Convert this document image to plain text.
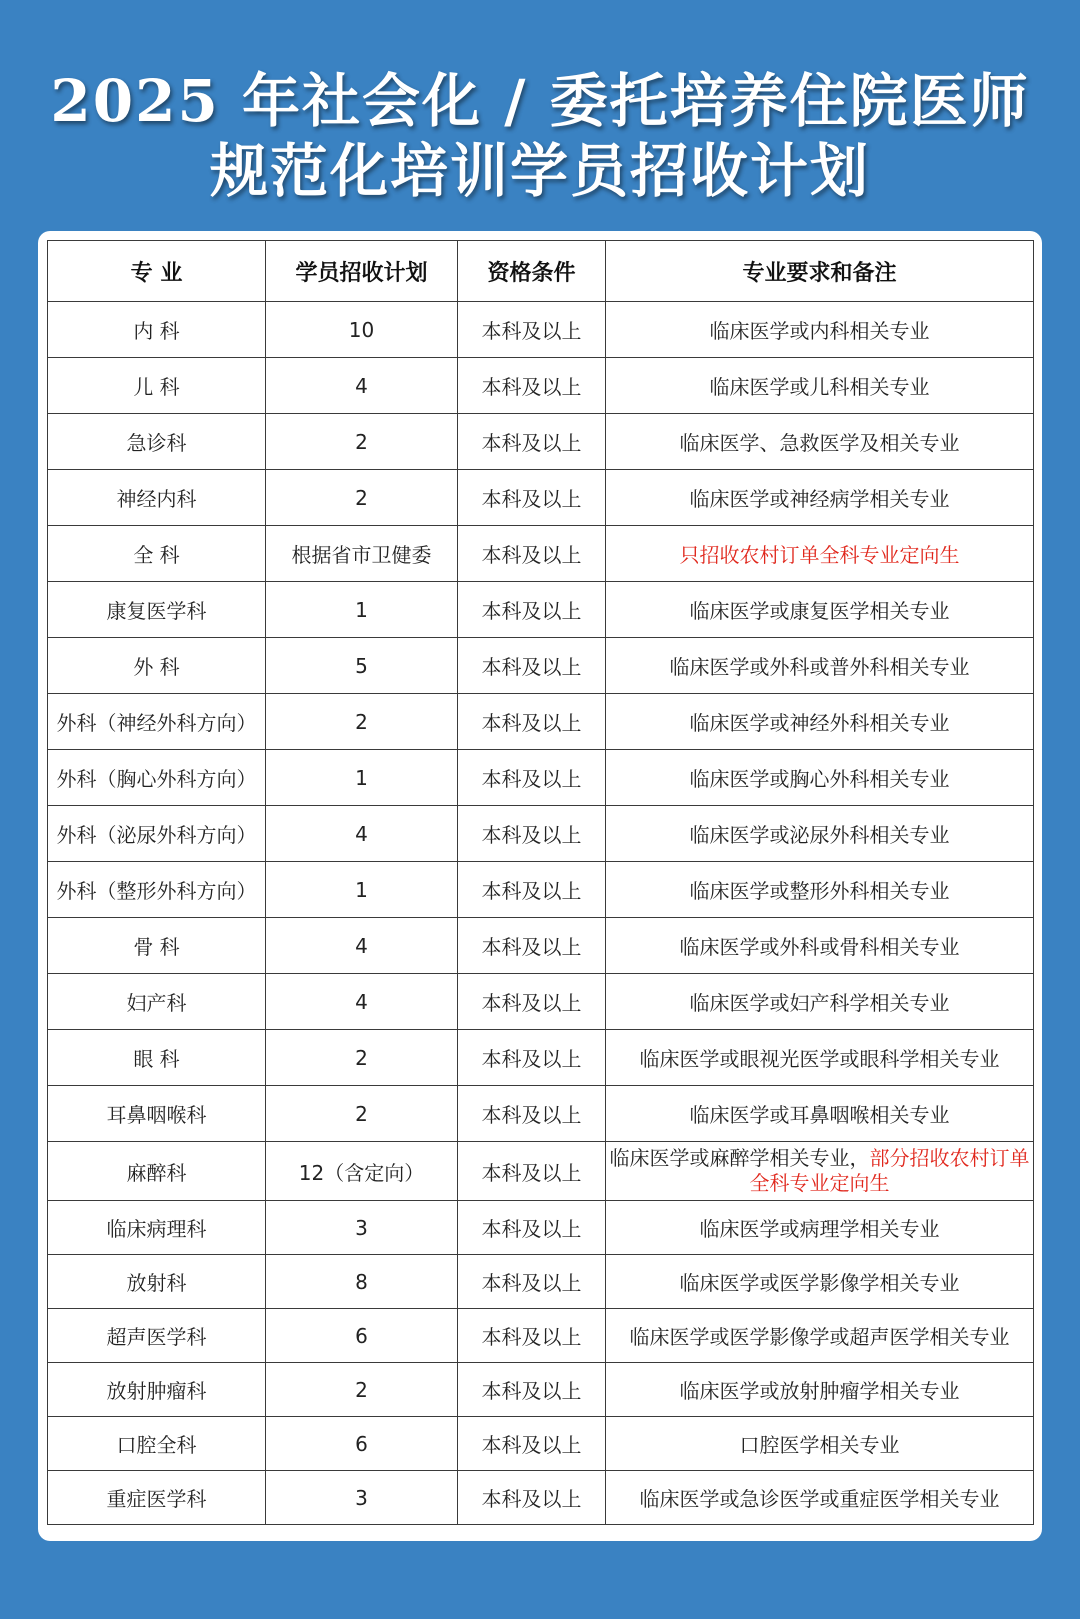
2025 年社会化 / 委托培养住院医师
规范化培训学员招收计划
专 业	学员招收计划	资格条件	专业要求和备注
内 科	10	本科及以上	临床医学或内科相关专业
儿 科	4	本科及以上	临床医学或儿科相关专业
急诊科	2	本科及以上	临床医学、急救医学及相关专业
神经内科	2	本科及以上	临床医学或神经病学相关专业
全 科	根据省市卫健委	本科及以上	只招收农村订单全科专业定向生
康复医学科	1	本科及以上	临床医学或康复医学相关专业
外 科	5	本科及以上	临床医学或外科或普外科相关专业
外科（神经外科方向）	2	本科及以上	临床医学或神经外科相关专业
外科（胸心外科方向）	1	本科及以上	临床医学或胸心外科相关专业
外科（泌尿外科方向）	4	本科及以上	临床医学或泌尿外科相关专业
外科（整形外科方向）	1	本科及以上	临床医学或整形外科相关专业
骨 科	4	本科及以上	临床医学或外科或骨科相关专业
妇产科	4	本科及以上	临床医学或妇产科学相关专业
眼 科	2	本科及以上	临床医学或眼视光医学或眼科学相关专业
耳鼻咽喉科	2	本科及以上	临床医学或耳鼻咽喉相关专业
麻醉科	12（含定向）	本科及以上	临床医学或麻醉学相关专业，部分招收农村订单全科专业定向生
临床病理科	3	本科及以上	临床医学或病理学相关专业
放射科	8	本科及以上	临床医学或医学影像学相关专业
超声医学科	6	本科及以上	临床医学或医学影像学或超声医学相关专业
放射肿瘤科	2	本科及以上	临床医学或放射肿瘤学相关专业
口腔全科	6	本科及以上	口腔医学相关专业
重症医学科	3	本科及以上	临床医学或急诊医学或重症医学相关专业
